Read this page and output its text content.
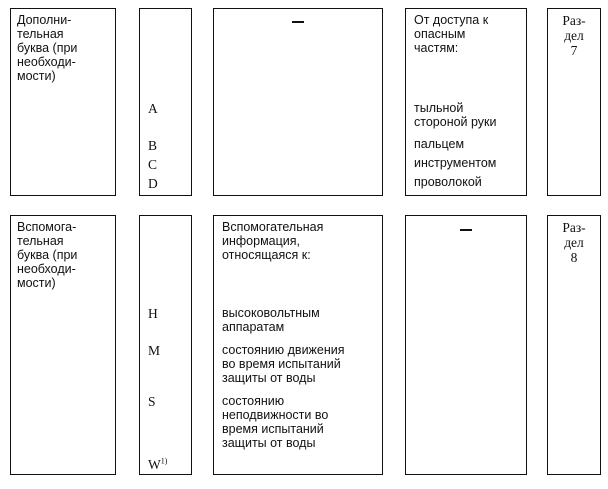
Дополни-
тельная
буква (при
необходи-
мости)
A
B
C
D
От доступа к
опасным
частям:
тыльной
стороной руки
пальцем
инструментом
проволокой
Раз-
дел
7
Вспомога-
тельная
буква (при
необходи-
мости)
H
M
S
$W^{1)}$
Вспомогательная
информация,
относящаяся к:
высоковольтным
аппаратам
состоянию движения
во время испытаний
защиты от воды
состоянию
неподвижности во
время испытаний
защиты от воды
Раз-
дел
8
